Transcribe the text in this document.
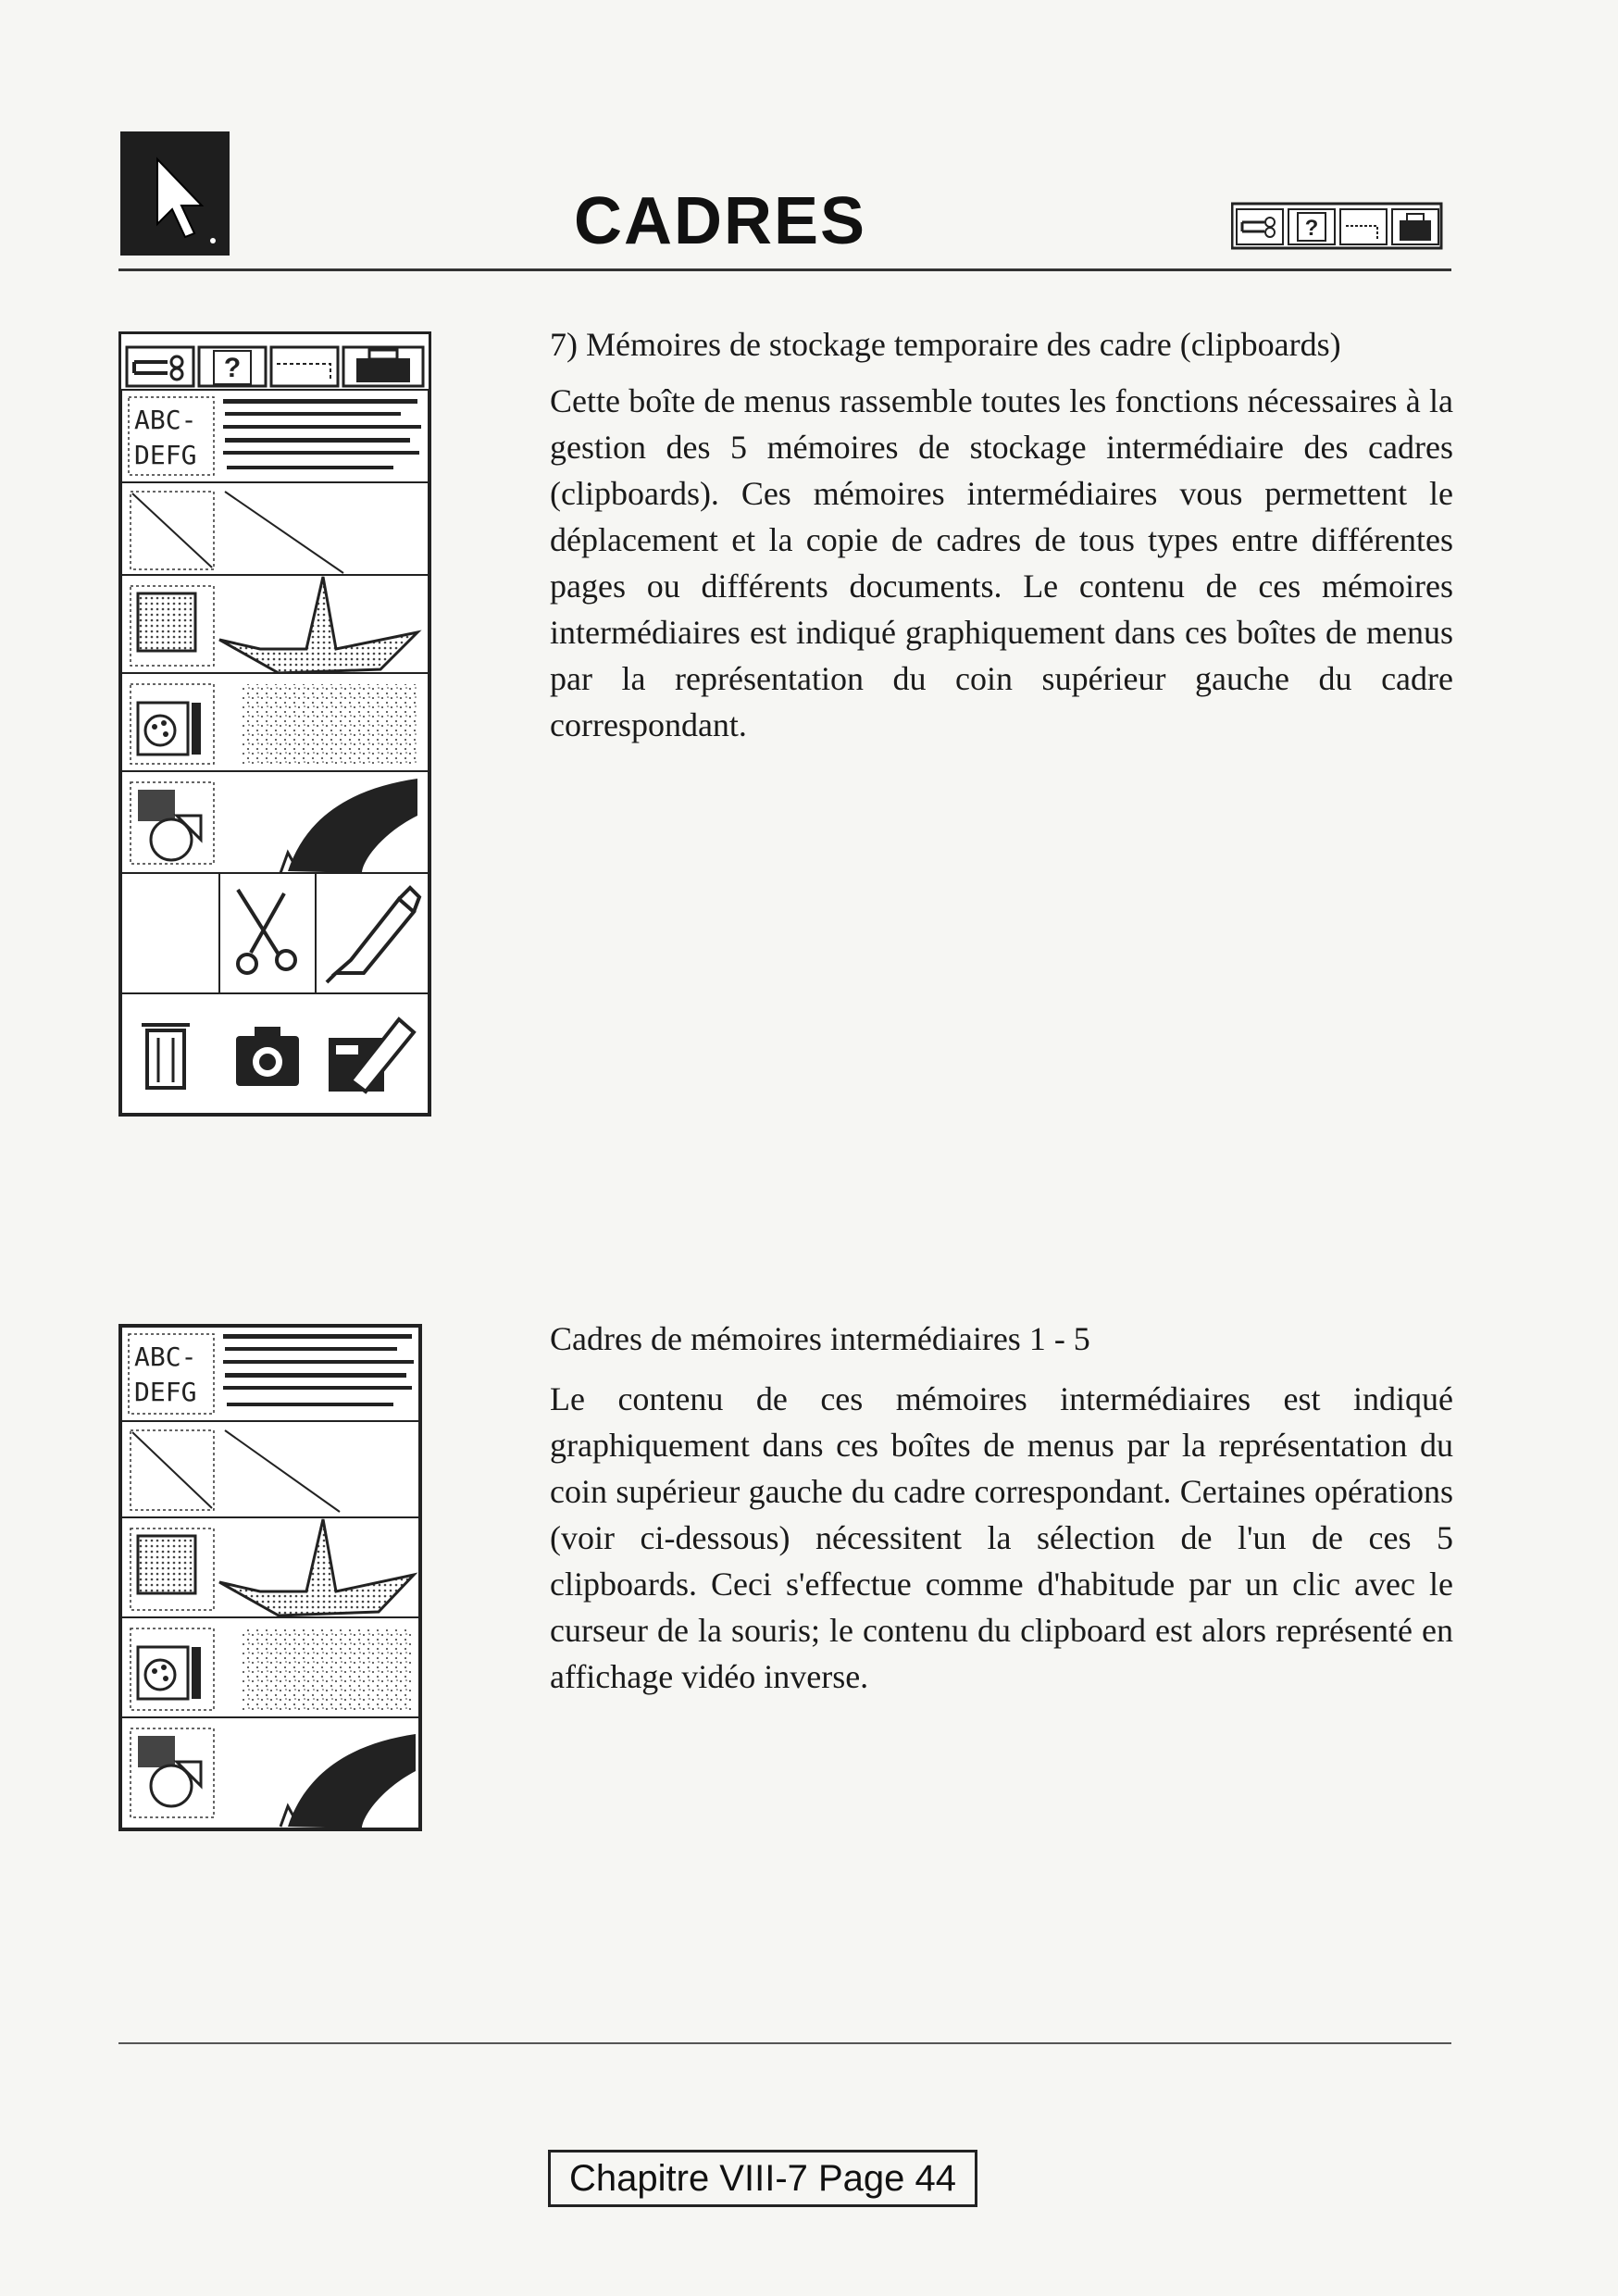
CADRES	?
?
ABC-
DEFG
7) Mémoires de stockage temporaire des cadre (clipboards)
Cette boîte de menus rassemble toutes les fonctions nécessaires à la gestion des 5 mémoires de stockage intermédiaire des cadres (clipboards). Ces mémoires intermédiaires vous permettent le déplacement et la copie de cadres de tous types entre différentes pages ou différents documents. Le contenu de ces mémoires intermédiaires est indiqué graphiquement dans ces boîtes de menus par la représentation du coin supérieur gauche du cadre correspondant.
ABC-
DEFG
Cadres de mémoires intermédiaires 1 - 5
Le contenu de ces mémoires intermédiaires est indiqué graphiquement dans ces boîtes de menus par la représentation du coin supérieur gauche du cadre correspondant. Certaines opérations (voir ci-dessous) nécessitent la sélection de l'un de ces 5 clipboards. Ceci s'effectue comme d'habitude par un clic avec le curseur de la souris; le contenu du clipboard est alors représenté en affichage vidéo inverse.
Chapitre VIII-7 Page 44
